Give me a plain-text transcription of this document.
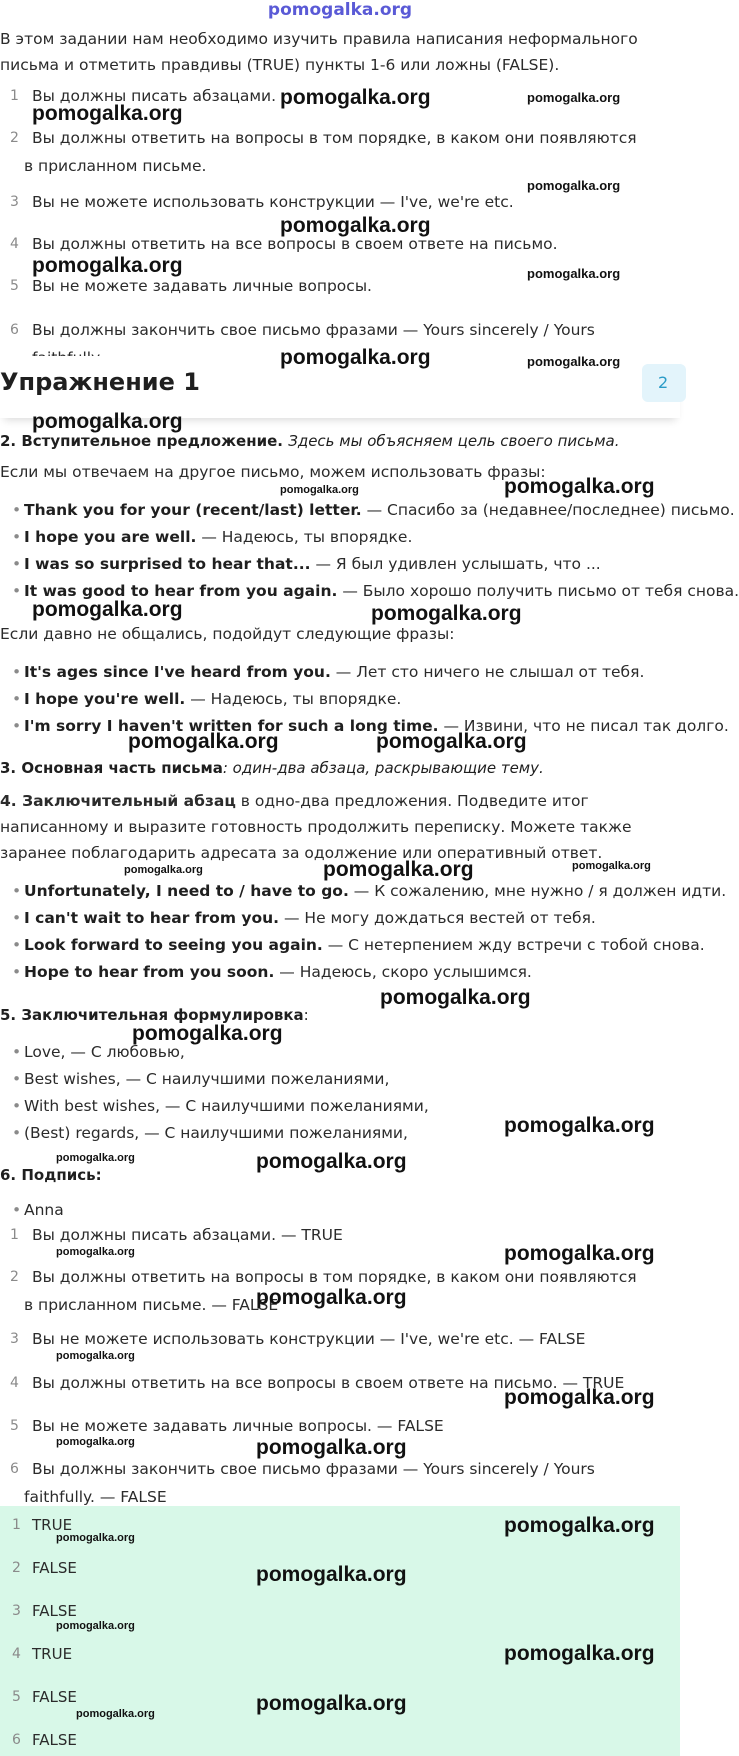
pomogalka.org
В этом задании нам необходимо изучить правила написания неформального письма и отметить правдивы (TRUE) пункты 1-6 или ложны (FALSE).
1 Вы должны писать абзацами.
2 Вы должны ответить на вопросы в том порядке, в каком они появляются в присланном письме.
3 Вы не можете использовать конструкции — I've, we're etc.
4 Вы должны ответить на все вопросы в своем ответе на письмо.
5 Вы не можете задавать личные вопросы.
6 Вы должны закончить свое письмо фразами — Yours sincerely / Yours
Упражнение 1	2
2. Вступительное предложение. Здесь мы объясняем цель своего письма.
Если мы отвечаем на другое письмо, можем использовать фразы:
• Thank you for your (recent/last) letter. — Спасибо за (недавнее/последнее) письмо.
• I hope you are well. — Надеюсь, ты впорядке.
• I was so surprised to hear that... — Я был удивлен услышать, что ...
• It was good to hear from you again. — Было хорошо получить письмо от тебя снова.
Если давно не общались, подойдут следующие фразы:
• It's ages since I've heard from you. — Лет сто ничего не слышал от тебя.
• I hope you're well. — Надеюсь, ты впорядке.
• I'm sorry I haven't written for such a long time. — Извини, что не писал так долго.
3. Основная часть письма: один-два абзаца, раскрывающие тему.
4. Заключительный абзац в одно-два предложения. Подведите итог написанному и выразите готовность продолжить переписку. Можете также заранее поблагодарить адресата за одолжение или оперативный ответ.
• Unfortunately, I need to / have to go. — К сожалению, мне нужно / я должен идти.
• I can't wait to hear from you. — Не могу дождаться вестей от тебя.
• Look forward to seeing you again. — С нетерпением жду встречи с тобой снова.
• Hope to hear from you soon. — Надеюсь, скоро услышимся.
5. Заключительная формулировка:
• Love, — С любовью,
• Best wishes, — С наилучшими пожеланиями,
• With best wishes, — С наилучшими пожеланиями,
• (Best) regards, — С наилучшими пожеланиями,
6. Подпись:
• Anna
1 Вы должны писать абзацами. — TRUE
2 Вы должны ответить на вопросы в том порядке, в каком они появляются в присланном письме. — FALSE
3 Вы не можете использовать конструкции — I've, we're etc. — FALSE
4 Вы должны ответить на все вопросы в своем ответе на письмо. — TRUE
5 Вы не можете задавать личные вопросы. — FALSE
6 Вы должны закончить свое письмо фразами — Yours sincerely / Yours faithfully. — FALSE
1 TRUE
2 FALSE
3 FALSE
4 TRUE
5 FALSE
6 FALSE
pomogalka.org
pomogalka.org	pomogalka.org
pomogalka.org
pomogalka.org
pomogalka.org	pomogalka.org
pomogalka.org	pomogalka.org
pomogalka.org
pomogalka.org	pomogalka.org
pomogalka.org	pomogalka.org
pomogalka.org	pomogalka.org
pomogalka.org	pomogalka.org	pomogalka.org
pomogalka.org
pomogalka.org
pomogalka.org
pomogalka.org	pomogalka.org
pomogalka.org	pomogalka.org
pomogalka.org
pomogalka.org
pomogalka.org
pomogalka.org	pomogalka.org
pomogalka.org
pomogalka.org
pomogalka.org
pomogalka.org
pomogalka.org
pomogalka.org
pomogalka.org
